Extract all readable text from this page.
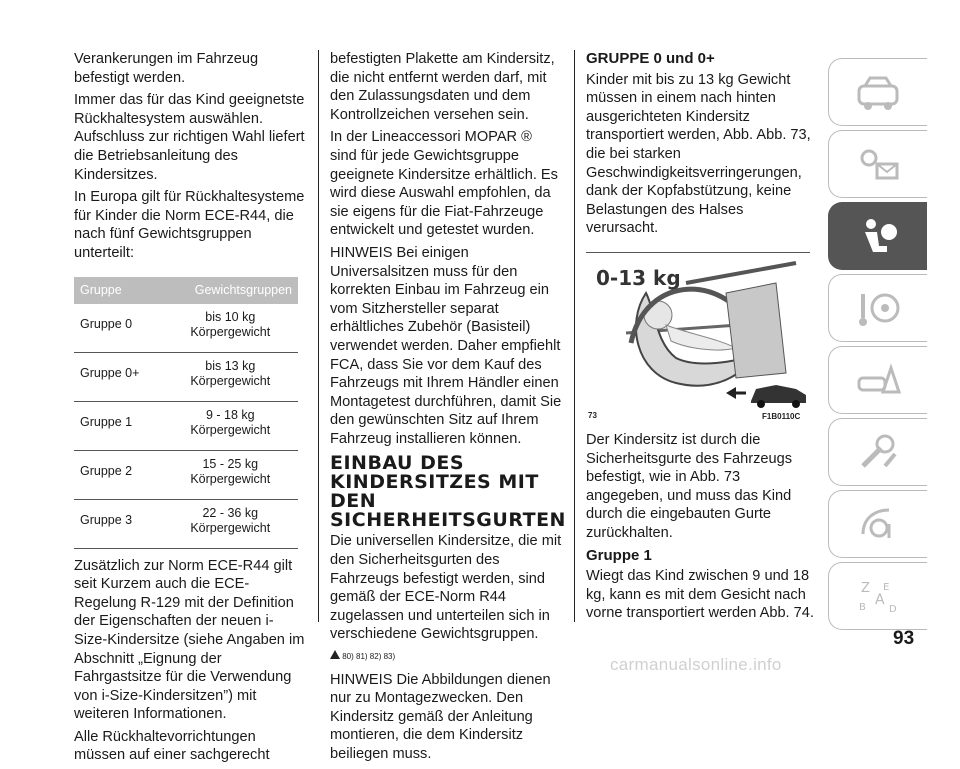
Verankerungen im Fahrzeug befestigt werden.

Immer das für das Kind geeignetste Rückhaltesystem auswählen. Aufschluss zur richtigen Wahl liefert die Betriebsanleitung des Kindersitzes.

In Europa gilt für Rückhaltesysteme für Kinder die Norm ECE-R44, die nach fünf Gewichtsgruppen unterteilt:

Gruppe	Gewichtsgruppen
Gruppe 0	bis 10 kg
Körpergewicht
Gruppe 0+	bis 13 kg
Körpergewicht
Gruppe 1	9 - 18 kg
Körpergewicht
Gruppe 2	15 - 25 kg
Körpergewicht
Gruppe 3	22 - 36 kg
Körpergewicht

Zusätzlich zur Norm ECE-R44 gilt seit Kurzem auch die ECE-Regelung R-129 mit der Definition der Eigenschaften der neuen i-Size-Kindersitze (siehe Angaben im Abschnitt „Eignung der Fahrgastsitze für die Verwendung von i-Size-Kindersitzen”) mit weiteren Informationen.

Alle Rückhaltevorrichtungen müssen auf einer sachgerecht

befestigten Plakette am Kindersitz, die nicht entfernt werden darf, mit den Zulassungsdaten und dem Kontrollzeichen versehen sein.

In der Lineaccessori MOPAR ® sind für jede Gewichtsgruppe geeignete Kindersitze erhältlich. Es wird diese Auswahl empfohlen, da sie eigens für die Fiat-Fahrzeuge entwickelt und getestet wurden.

HINWEIS Bei einigen Universalsitzen muss für den korrekten Einbau im Fahrzeug ein vom Sitzhersteller separat erhältliches Zubehör (Basisteil) verwendet werden. Daher empfiehlt FCA, dass Sie vor dem Kauf des Fahrzeugs mit Ihrem Händler einen Montagetest durchführen, damit Sie den gewünschten Sitz auf Ihrem Fahrzeug installieren können.

EINBAU DES KINDERSITZES MIT DEN SICHERHEITSGURTEN

Die universellen Kindersitze, die mit den Sicherheitsgurten des Fahrzeugs befestigt werden, sind gemäß der ECE-Norm R44 zugelassen und unterteilen sich in verschiedene Gewichtsgruppen.

80) 81) 82) 83)

HINWEIS Die Abbildungen dienen nur zu Montagezwecken. Den Kindersitz gemäß der Anleitung montieren, die dem Kindersitz beiliegen muss.

GRUPPE 0 und 0+

Kinder mit bis zu 13 kg Gewicht müssen in einem nach hinten ausgerichteten Kindersitz transportiert werden, Abb. Abb. 73, die bei starken Geschwindigkeitsverringerungen, dank der Kopfabstützung, keine Belastungen des Halses verursacht.

0-13 kg
73	F1B0110C

Der Kindersitz ist durch die Sicherheitsgurte des Fahrzeugs befestigt, wie in Abb. 73 angegeben, und muss das Kind durch die eingebauten Gurte zurückhalten.

Gruppe 1

Wiegt das Kind zwischen 9 und 18 kg, kann es mit dem Gesicht nach vorne transportiert werden Abb. 74.

Z E
A
B D
93
carmanualsonline.info
